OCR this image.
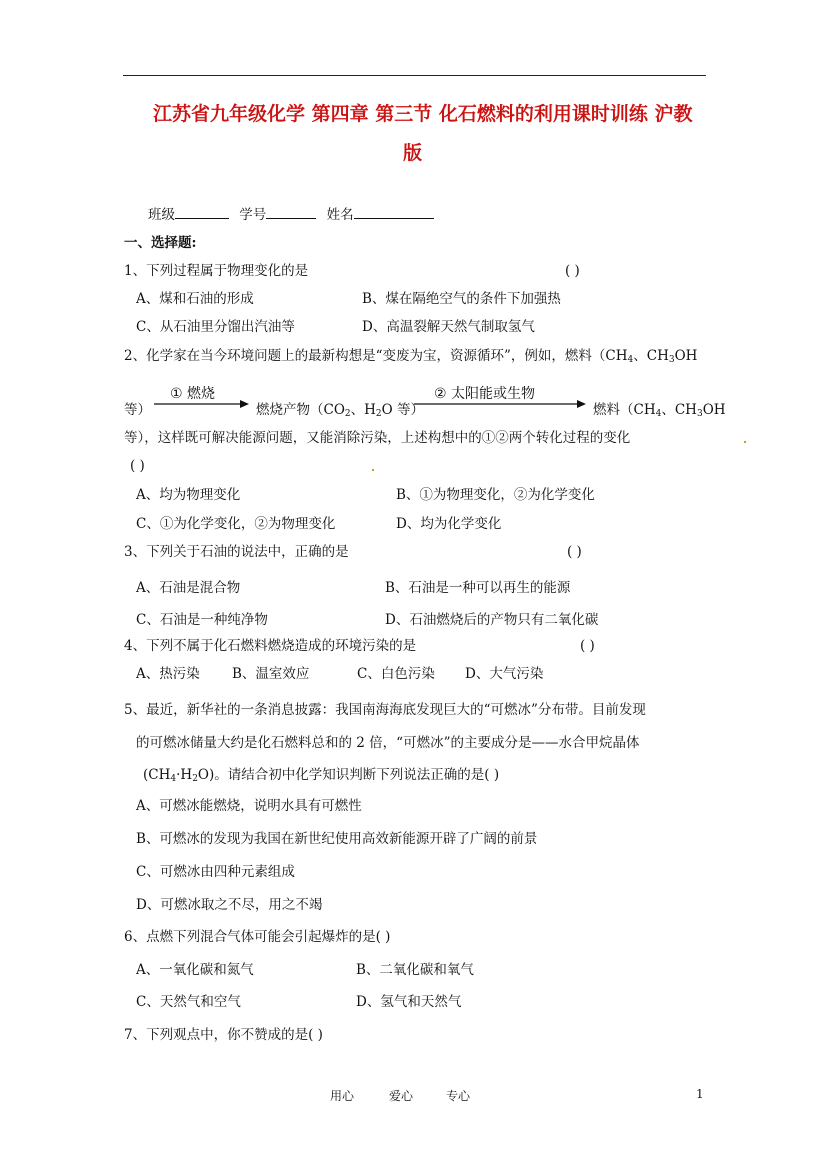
江苏省九年级化学 第四章 第三节 化石燃料的利用课时训练 沪教
版
班级	学号	姓名
一、选择题:
1、下列过程属于物理变化的是	( )
A、煤和石油的形成	B、煤在隔绝空气的条件下加强热
C、从石油里分馏出汽油等	D、高温裂解天然气制取氢气
2、化学家在当今环境问题上的最新构想是“变废为宝，资源循环”，例如，燃料（$CH_4$、$CH_3OH$
等）
① 燃烧
燃烧产物（$CO_2$、$H_2O$ 等）
② 太阳能或生物
燃料（$CH_4$、$CH_3OH$
等），这样既可解决能源问题，又能消除污染，上述构想中的①②两个转化过程的变化
( )
A、均为物理变化	B、①为物理变化，②为化学变化
C、①为化学变化，②为物理变化	D、均为化学变化
3、下列关于石油的说法中，正确的是	( )
A、石油是混合物	B、石油是一种可以再生的能源
C、石油是一种纯净物	D、石油燃烧后的产物只有二氧化碳
4、下列不属于化石燃料燃烧造成的环境污染的是	( )
A、热污染 B、温室效应	C、白色污染 D、大气污染
5、最近，新华社的一条消息披露：我国南海海底发现巨大的“可燃冰”分布带。目前发现
的可燃冰储量大约是化石燃料总和的 2 倍，“可燃冰”的主要成分是——水合甲烷晶体
$(CH_4\cdot H_2O)$。请结合初中化学知识判断下列说法正确的是( )
A、可燃冰能燃烧，说明水具有可燃性
B、可燃冰的发现为我国在新世纪使用高效新能源开辟了广阔的前景
C、可燃冰由四种元素组成
D、可燃冰取之不尽，用之不竭
6、点燃下列混合气体可能会引起爆炸的是( )
A、一氧化碳和氮气	B、二氧化碳和氧气
C、天然气和空气	D、氢气和天然气
7、下列观点中，你不赞成的是( )
用心	爱心	专心	1
